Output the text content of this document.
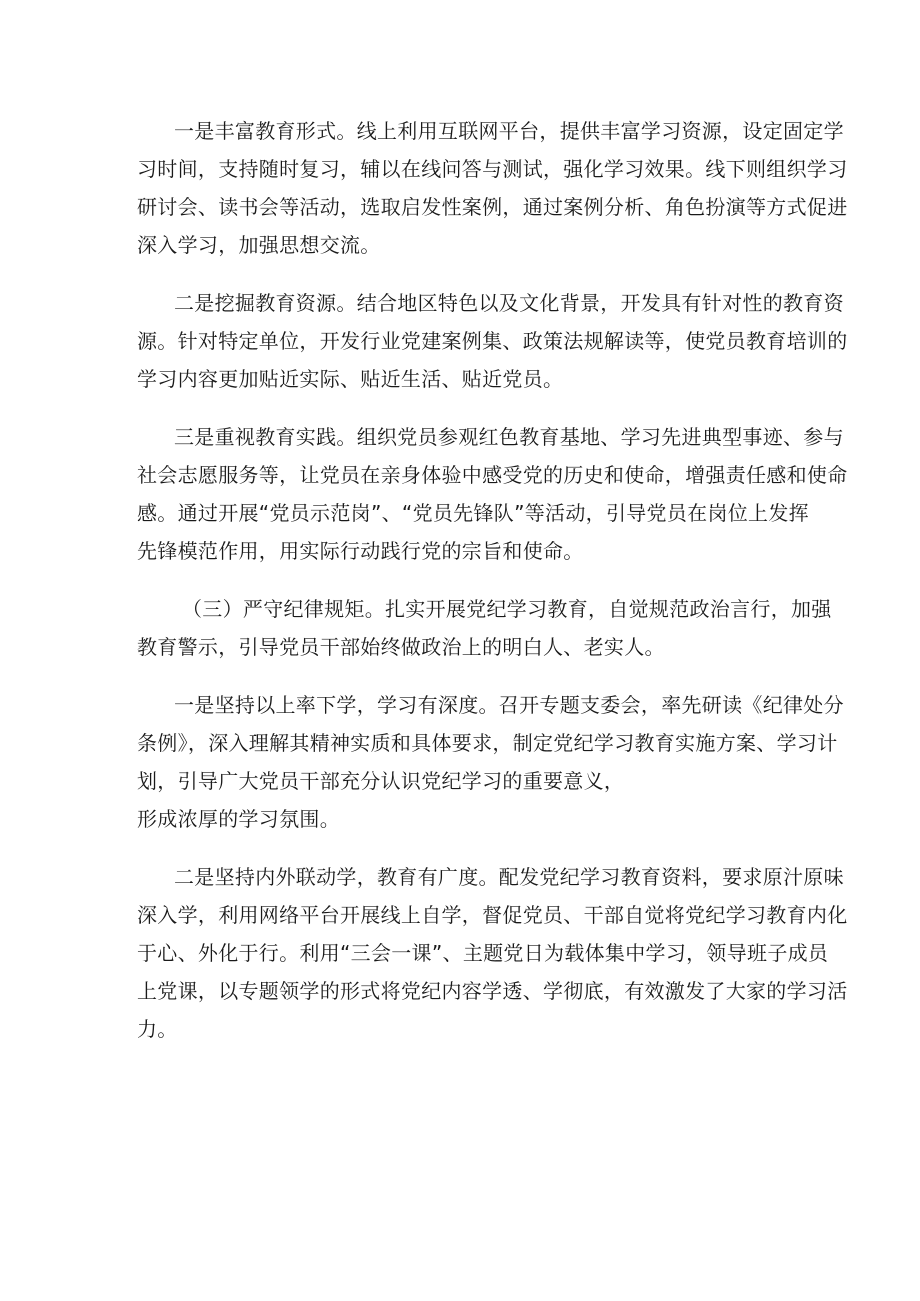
一是丰富教育形式。线上利用互联网平台，提供丰富学习资源，设定固定学
习时间，支持随时复习，辅以在线问答与测试，强化学习效果。线下则组织学习
研讨会、读书会等活动，选取启发性案例，通过案例分析、角色扮演等方式促进
深入学习，加强思想交流。

二是挖掘教育资源。结合地区特色以及文化背景，开发具有针对性的教育资
源。针对特定单位，开发行业党建案例集、政策法规解读等，使党员教育培训的
学习内容更加贴近实际、贴近生活、贴近党员。

三是重视教育实践。组织党员参观红色教育基地、学习先进典型事迹、参与
社会志愿服务等，让党员在亲身体验中感受党的历史和使命，增强责任感和使命
感。通过开展“党员示范岗”、“党员先锋队”等活动，引导党员在岗位上发挥
先锋模范作用，用实际行动践行党的宗旨和使命。

（三）严守纪律规矩。扎实开展党纪学习教育，自觉规范政治言行，加强
教育警示，引导党员干部始终做政治上的明白人、老实人。

一是坚持以上率下学，学习有深度。召开专题支委会，率先研读《纪律处分
条例》，深入理解其精神实质和具体要求，制定党纪学习教育实施方案、学习计
划，引导广大党员干部充分认识党纪学习的重要意义，
形成浓厚的学习氛围。

二是坚持内外联动学，教育有广度。配发党纪学习教育资料，要求原汁原味
深入学，利用网络平台开展线上自学，督促党员、干部自觉将党纪学习教育内化
于心、外化于行。利用“三会一课”、主题党日为载体集中学习，领导班子成员
上党课，以专题领学的形式将党纪内容学透、学彻底，有效激发了大家的学习活
力。
